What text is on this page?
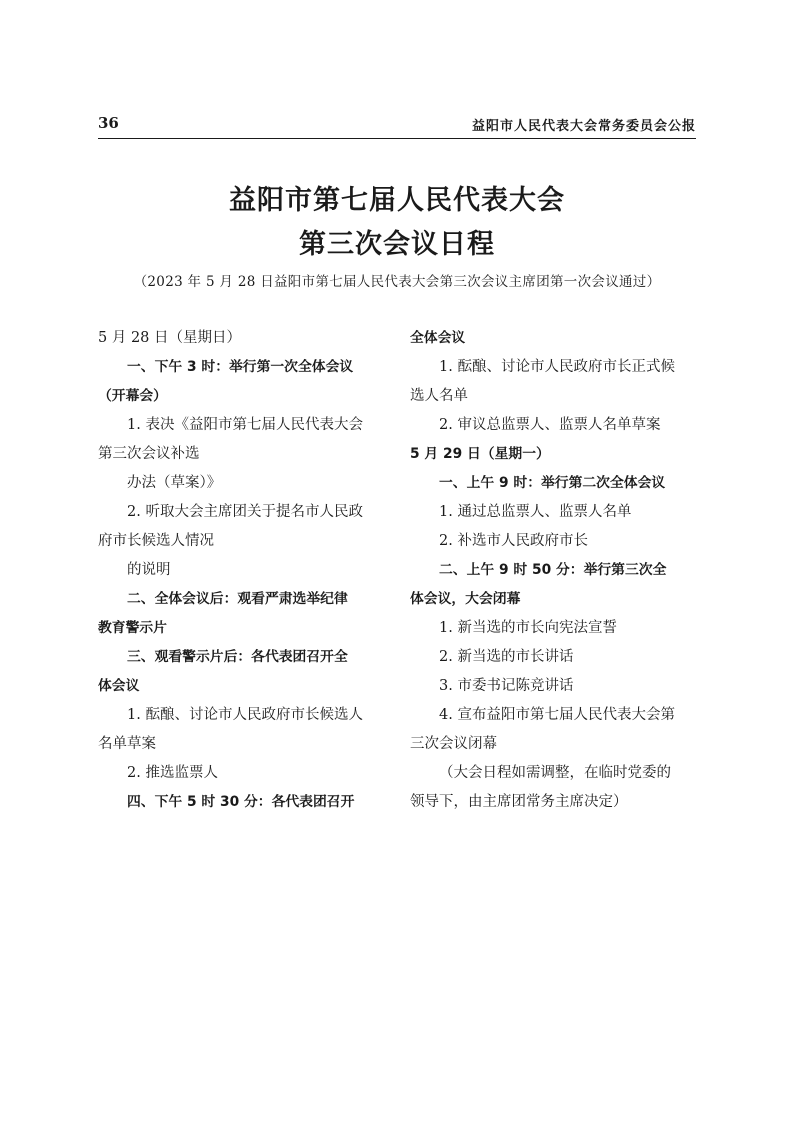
36	益阳市人民代表大会常务委员会公报
益阳市第七届人民代表大会
第三次会议日程
（2023 年 5 月 28 日益阳市第七届人民代表大会第三次会议主席团第一次会议通过）
5 月 28 日（星期日）
一、下午 3 时：举行第一次全体会议
（开幕会）
1. 表决《益阳市第七届人民代表大会
第三次会议补选
办法（草案）》
2. 听取大会主席团关于提名市人民政
府市长候选人情况
的说明
二、全体会议后：观看严肃选举纪律
教育警示片
三、观看警示片后：各代表团召开全
体会议
1. 酝酿、讨论市人民政府市长候选人
名单草案
2. 推选监票人
四、下午 5 时 30 分：各代表团召开
全体会议
1. 酝酿、讨论市人民政府市长正式候
选人名单
2. 审议总监票人、监票人名单草案
5 月 29 日（星期一）
一、上午 9 时：举行第二次全体会议
1. 通过总监票人、监票人名单
2. 补选市人民政府市长
二、上午 9 时 50 分：举行第三次全
体会议，大会闭幕
1. 新当选的市长向宪法宣誓
2. 新当选的市长讲话
3. 市委书记陈竞讲话
4. 宣布益阳市第七届人民代表大会第
三次会议闭幕
（大会日程如需调整，在临时党委的
领导下，由主席团常务主席决定）
